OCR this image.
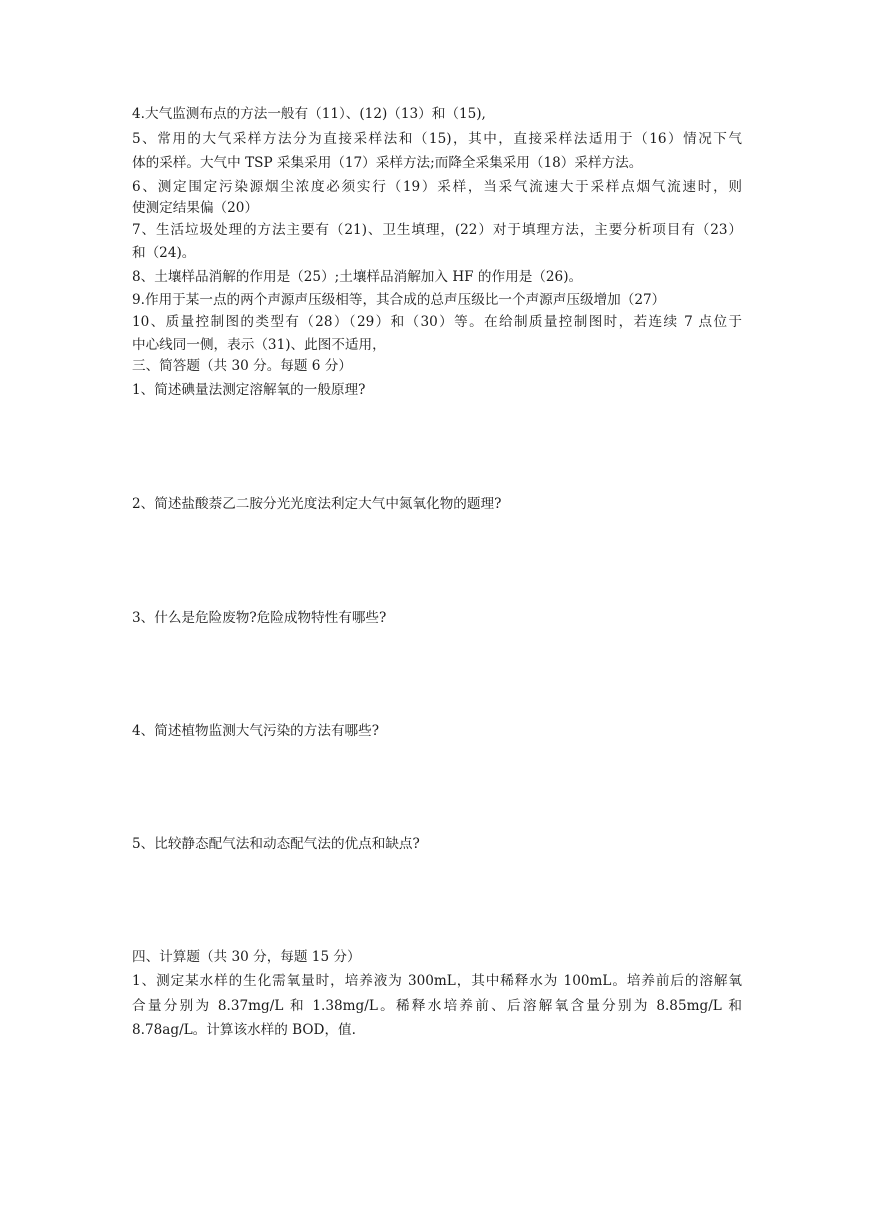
4.大气监测布点的方法一般有（11）、(12)（13）和（15),
5、常用的大气采样方法分为直接采样法和（15)，其中，直接采样法适用于（16）情况下气
体的采样。大气中 TSP 采集采用（17）采样方法;而降全采集采用（18）采样方法。
6、测定围定污染源烟尘浓度必须实行（19）采样，当采气流速大于采样点烟气流速时，则
使测定结果偏（20）
7、生活垃圾处理的方法主要有（21)、卫生填理，(22）对于填理方法，主要分析项目有（23）
和（24)。
8、土壤样品消解的作用是（25）;土壤样品消解加入 HF 的作用是（26)。
9.作用于某一点的两个声源声压级相等，其合成的总声压级比一个声源声压级增加（27）
10、质量控制图的类型有（28）（29）和（30）等。在给制质量控制图时，若连续 7 点位于
中心线同一侧，表示（31)、此图不适用，
三、简答题（共 30 分。每题 6 分）
1、简述碘量法测定溶解氧的一般原理?
2、简述盐酸萘乙二胺分光光度法利定大气中氮氧化物的题理?
3、什么是危险废物?危险成物特性有哪些?
4、简述植物监测大气污染的方法有哪些?
5、比较静态配气法和动态配气法的优点和缺点?
四、计算题（共 30 分，每题 15 分）
1、测定某水样的生化需氧量时，培养液为 300mL，其中稀释水为 100mL。培养前后的溶解氧
合量分别为 8.37mg/L 和 1.38mg/L。稀释水培养前、后溶解氧含量分别为 8.85mg/L 和
8.78ag/L。计算该水样的 BOD，值.
